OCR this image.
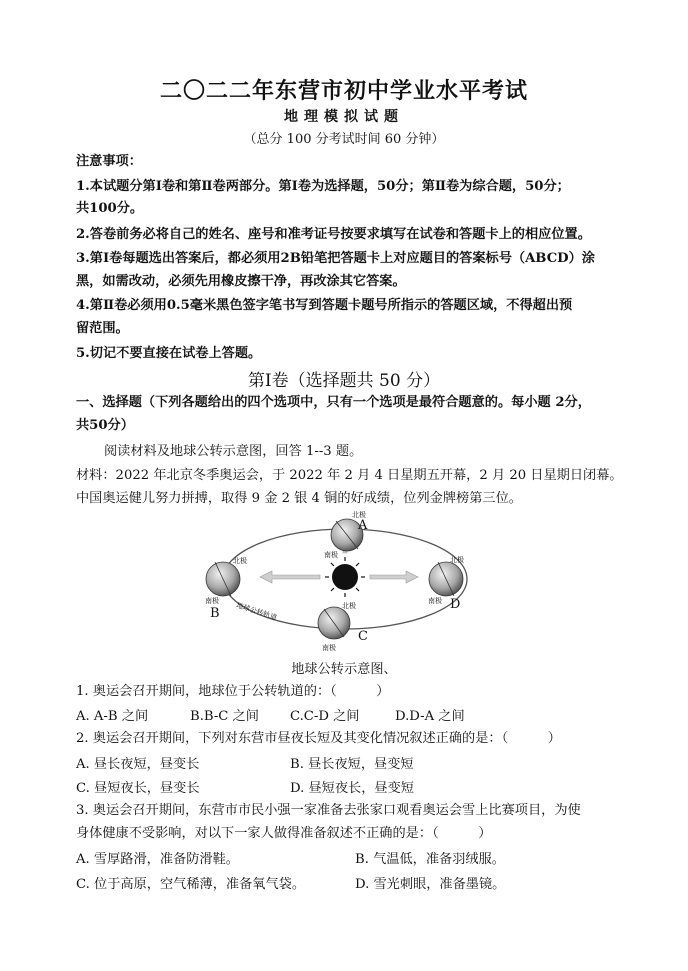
二〇二二年东营市初中学业水平考试
地理模拟试题
（总分 100 分考试时间 60 分钟）
注意事项：
1.本试题分第Ⅰ卷和第Ⅱ卷两部分。第Ⅰ卷为选择题，50分；第Ⅱ卷为综合题，50分；
共100分。
2.答卷前务必将自己的姓名、座号和准考证号按要求填写在试卷和答题卡上的相应位置。
3.第Ⅰ卷每题选出答案后，都必须用2B铅笔把答题卡上对应题目的答案标号（ABCD）涂
黑，如需改动，必须先用橡皮擦干净，再改涂其它答案。
4.第Ⅱ卷必须用0.5毫米黑色签字笔书写到答题卡题号所指示的答题区域，不得超出预
留范围。
5.切记不要直接在试卷上答题。
第Ⅰ卷（选择题共 50 分）
一、选择题（下列各题给出的四个选项中，只有一个选项是最符合题意的。每小题 2分，
共50分）
阅读材料及地球公转示意图，回答 1--3 题。
材料：2022 年北京冬季奥运会，于 2022 年 2 月 4 日星期五开幕，2 月 20 日星期日闭幕。
中国奥运健儿努力拼搏，取得 9 金 2 银 4 铜的好成绩，位列金牌榜第三位。
A
北极
南极
北极
南极
B	北极
南极
C
北极
南极 D
地球公转轨道
地球公转示意图、
1. 奥运会召开期间，地球位于公转轨道的：（　　　）
A. A-B 之间	B.B-C 之间 C.C-D 之间	D.D-A 之间
2. 奥运会召开期间，下列对东营市昼夜长短及其变化情况叙述正确的是：（　　　）
A. 昼长夜短，昼变长	B. 昼长夜短，昼变短
C. 昼短夜长，昼变长	D. 昼短夜长，昼变短
3. 奥运会召开期间，东营市市民小强一家准备去张家口观看奥运会雪上比赛项目，为使
身体健康不受影响，对以下一家人做得准备叙述不正确的是：（　　　）
A. 雪厚路滑，准备防滑鞋。	B. 气温低，准备羽绒服。
C. 位于高原，空气稀薄，准备氧气袋。	D. 雪光刺眼，准备墨镜。
